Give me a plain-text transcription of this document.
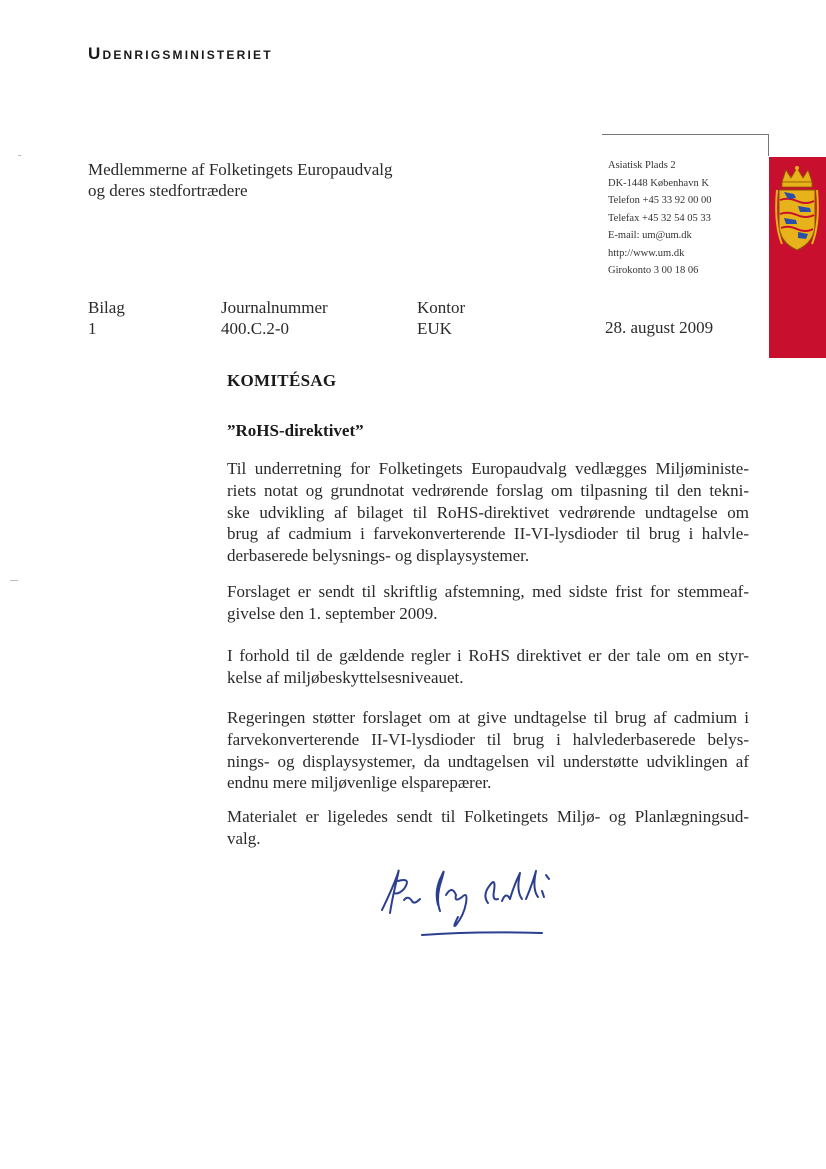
Udenrigsministeriet
Medlemmerne af Folketingets Europaudvalg
og deres stedfortrædere
Asiatisk Plads 2
DK-1448 København K
Telefon +45 33 92 00 00
Telefax +45 32 54 05 33
E-mail: um@um.dk
http://www.um.dk
Girokonto 3 00 18 06
Bilag
1
Journalnummer
400.C.2-0
Kontor
EUK	28. august 2009
KOMITÉSAG
”RoHS-direktivet”
Til underretning for Folketingets Europaudvalg vedlægges Miljøministe-
riets notat og grundnotat vedrørende forslag om tilpasning til den tekni-
ske udvikling af bilaget til RoHS-direktivet vedrørende undtagelse om
brug af cadmium i farvekonverterende II-VI-lysdioder til brug i halvle-
derbaserede belysnings- og displaysystemer.
Forslaget er sendt til skriftlig afstemning, med sidste frist for stemmeaf-
givelse den 1. september 2009.
I forhold til de gældende regler i RoHS direktivet er der tale om en styr-
kelse af miljøbeskyttelsesniveauet.
Regeringen støtter forslaget om at give undtagelse til brug af cadmium i
farvekonverterende II-VI-lysdioder til brug i halvlederbaserede belys-
nings- og displaysystemer, da undtagelsen vil understøtte udviklingen af
endnu mere miljøvenlige elsparepærer.
Materialet er ligeledes sendt til Folketingets Miljø- og Planlægningsud-
valg.
